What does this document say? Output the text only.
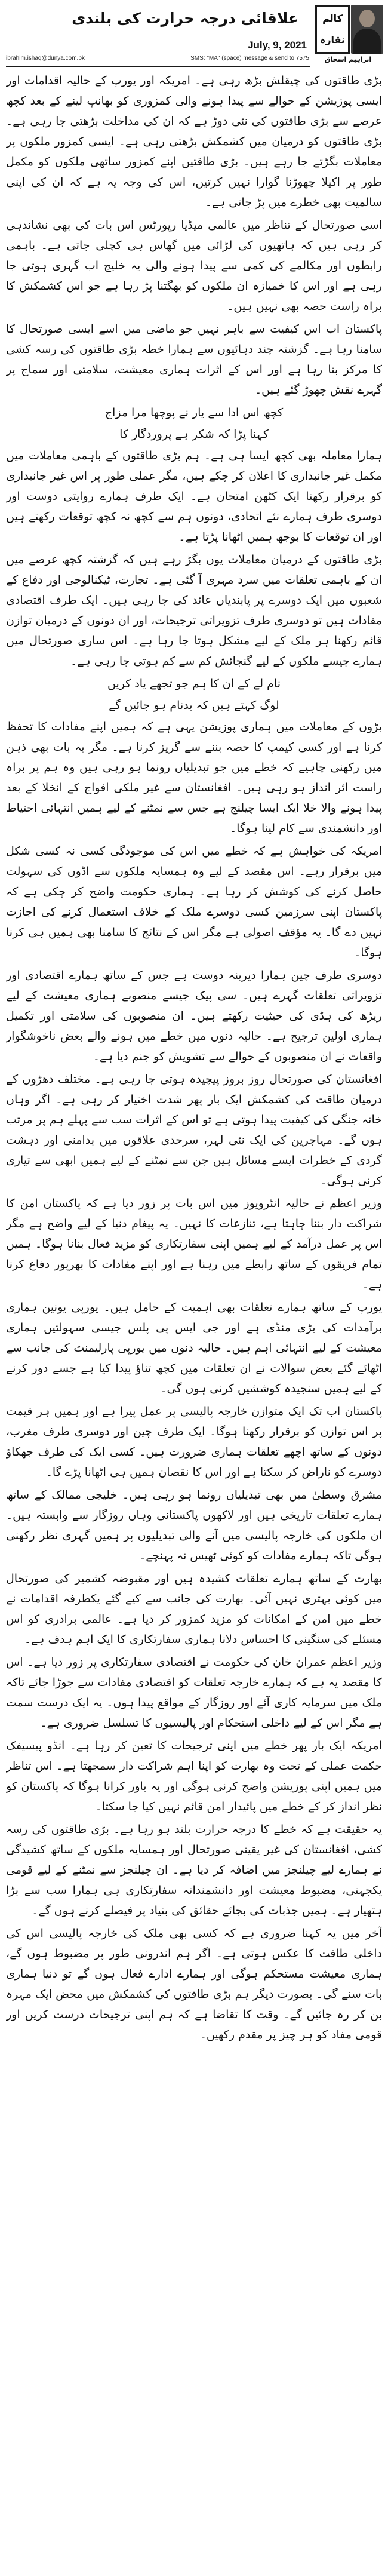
علاقائی درجہ حرارت کی بلندی	کالم
نقارہ
ابراہیم اسحاق
July, 9, 2021
SMS: "MA" (space) message & send to 7575
ibrahim.ishaq@dunya.com.pk

بڑی طاقتوں کی چیقلش بڑھ رہی ہے۔ امریکہ اور یورپ کے حالیہ اقدامات اور ایسی پوزیشن کے حوالے سے پیدا ہونے والی کمزوری کو بھانپ لینے کے بعد کچھ عرصے سے بڑی طاقتوں کی نئی دوڑ ہے کہ ان کی مداخلت بڑھتی جا رہی ہے۔ بڑی طاقتوں کو درمیان میں کشمکش بڑھتی رہی ہے۔ ایسی کمزور ملکوں پر معاملات بگڑتے جا رہے ہیں۔ بڑی طاقتیں اپنے کمزور ساتھی ملکوں کو مکمل طور پر اکیلا چھوڑنا گوارا نہیں کرتیں، اس کی وجہ یہ ہے کہ ان کی اپنی سالمیت بھی خطرے میں پڑ جاتی ہے۔

اسی صورتحال کے تناظر میں عالمی میڈیا رپورٹس اس بات کی بھی نشاندہی کر رہی ہیں کہ ہاتھیوں کی لڑائی میں گھاس ہی کچلی جاتی ہے۔ باہمی رابطوں اور مکالمے کی کمی سے پیدا ہونے والی یہ خلیج اب گہری ہوتی جا رہی ہے اور اس کا خمیازہ ان ملکوں کو بھگتنا پڑ رہا ہے جو اس کشمکش کا براہ راست حصہ بھی نہیں ہیں۔

پاکستان اب اس کیفیت سے باہر نہیں جو ماضی میں اسے ایسی صورتحال کا سامنا رہا ہے۔ گزشتہ چند دہائیوں سے ہمارا خطہ بڑی طاقتوں کی رسہ کشی کا مرکز بنا رہا ہے اور اس کے اثرات ہماری معیشت، سلامتی اور سماج پر گہرے نقش چھوڑ گئے ہیں۔

کچھ اس ادا سے یار نے پوچھا مرا مزاج

کہنا پڑا کہ شکر ہے پروردگار کا

ہمارا معاملہ بھی کچھ ایسا ہی ہے۔ ہم بڑی طاقتوں کے باہمی معاملات میں مکمل غیر جانبداری کا اعلان کر چکے ہیں، مگر عملی طور پر اس غیر جانبداری کو برقرار رکھنا ایک کٹھن امتحان ہے۔ ایک طرف ہمارے روایتی دوست اور دوسری طرف ہمارے نئے اتحادی، دونوں ہم سے کچھ نہ کچھ توقعات رکھتے ہیں اور ان توقعات کا بوجھ ہمیں اٹھانا پڑتا ہے۔

بڑی طاقتوں کے درمیان معاملات یوں بگڑ رہے ہیں کہ گزشتہ کچھ عرصے میں ان کے باہمی تعلقات میں سرد مہری آ گئی ہے۔ تجارت، ٹیکنالوجی اور دفاع کے شعبوں میں ایک دوسرے پر پابندیاں عائد کی جا رہی ہیں۔ ایک طرف اقتصادی مفادات ہیں تو دوسری طرف تزویراتی ترجیحات، اور ان دونوں کے درمیان توازن قائم رکھنا ہر ملک کے لیے مشکل ہوتا جا رہا ہے۔ اس ساری صورتحال میں ہمارے جیسے ملکوں کے لیے گنجائش کم سے کم ہوتی جا رہی ہے۔

نام لے کے ان کا ہم جو تجھے یاد کریں

لوگ کہتے ہیں کہ بدنام ہو جائیں گے

بڑوں کے معاملات میں ہماری پوزیشن یہی ہے کہ ہمیں اپنے مفادات کا تحفظ کرنا ہے اور کسی کیمپ کا حصہ بننے سے گریز کرنا ہے۔ مگر یہ بات بھی ذہن میں رکھنی چاہیے کہ خطے میں جو تبدیلیاں رونما ہو رہی ہیں وہ ہم پر براہ راست اثر انداز ہو رہی ہیں۔ افغانستان سے غیر ملکی افواج کے انخلا کے بعد پیدا ہونے والا خلا ایک ایسا چیلنج ہے جس سے نمٹنے کے لیے ہمیں انتہائی احتیاط اور دانشمندی سے کام لینا ہوگا۔

امریکہ کی خواہش ہے کہ خطے میں اس کی موجودگی کسی نہ کسی شکل میں برقرار رہے۔ اس مقصد کے لیے وہ ہمسایہ ملکوں سے اڈوں کی سہولت حاصل کرنے کی کوشش کر رہا ہے۔ ہماری حکومت واضح کر چکی ہے کہ پاکستان اپنی سرزمین کسی دوسرے ملک کے خلاف استعمال کرنے کی اجازت نہیں دے گا۔ یہ مؤقف اصولی ہے مگر اس کے نتائج کا سامنا بھی ہمیں ہی کرنا ہوگا۔

دوسری طرف چین ہمارا دیرینہ دوست ہے جس کے ساتھ ہمارے اقتصادی اور تزویراتی تعلقات گہرے ہیں۔ سی پیک جیسے منصوبے ہماری معیشت کے لیے ریڑھ کی ہڈی کی حیثیت رکھتے ہیں۔ ان منصوبوں کی سلامتی اور تکمیل ہماری اولین ترجیح ہے۔ حالیہ دنوں میں خطے میں ہونے والے بعض ناخوشگوار واقعات نے ان منصوبوں کے حوالے سے تشویش کو جنم دیا ہے۔

افغانستان کی صورتحال روز بروز پیچیدہ ہوتی جا رہی ہے۔ مختلف دھڑوں کے درمیان طاقت کی کشمکش ایک بار پھر شدت اختیار کر رہی ہے۔ اگر وہاں خانہ جنگی کی کیفیت پیدا ہوتی ہے تو اس کے اثرات سب سے پہلے ہم پر مرتب ہوں گے۔ مہاجرین کی ایک نئی لہر، سرحدی علاقوں میں بدامنی اور دہشت گردی کے خطرات ایسے مسائل ہیں جن سے نمٹنے کے لیے ہمیں ابھی سے تیاری کرنی ہوگی۔

وزیر اعظم نے حالیہ انٹرویوز میں اس بات پر زور دیا ہے کہ پاکستان امن کا شراکت دار بننا چاہتا ہے، تنازعات کا نہیں۔ یہ پیغام دنیا کے لیے واضح ہے مگر اس پر عمل درآمد کے لیے ہمیں اپنی سفارتکاری کو مزید فعال بنانا ہوگا۔ ہمیں تمام فریقوں کے ساتھ رابطے میں رہنا ہے اور اپنے مفادات کا بھرپور دفاع کرنا ہے۔

یورپ کے ساتھ ہمارے تعلقات بھی اہمیت کے حامل ہیں۔ یورپی یونین ہماری برآمدات کی بڑی منڈی ہے اور جی ایس پی پلس جیسی سہولتیں ہماری معیشت کے لیے انتہائی اہم ہیں۔ حالیہ دنوں میں یورپی پارلیمنٹ کی جانب سے اٹھائے گئے بعض سوالات نے ان تعلقات میں کچھ تناؤ پیدا کیا ہے جسے دور کرنے کے لیے ہمیں سنجیدہ کوششیں کرنی ہوں گی۔

پاکستان اب تک ایک متوازن خارجہ پالیسی پر عمل پیرا ہے اور ہمیں ہر قیمت پر اس توازن کو برقرار رکھنا ہوگا۔ ایک طرف چین اور دوسری طرف مغرب، دونوں کے ساتھ اچھے تعلقات ہماری ضرورت ہیں۔ کسی ایک کی طرف جھکاؤ دوسرے کو ناراض کر سکتا ہے اور اس کا نقصان ہمیں ہی اٹھانا پڑے گا۔

مشرق وسطیٰ میں بھی تبدیلیاں رونما ہو رہی ہیں۔ خلیجی ممالک کے ساتھ ہمارے تعلقات تاریخی ہیں اور لاکھوں پاکستانی وہاں روزگار سے وابستہ ہیں۔ ان ملکوں کی خارجہ پالیسی میں آنے والی تبدیلیوں پر ہمیں گہری نظر رکھنی ہوگی تاکہ ہمارے مفادات کو کوئی ٹھیس نہ پہنچے۔

بھارت کے ساتھ ہمارے تعلقات کشیدہ ہیں اور مقبوضہ کشمیر کی صورتحال میں کوئی بہتری نہیں آئی۔ بھارت کی جانب سے کیے گئے یکطرفہ اقدامات نے خطے میں امن کے امکانات کو مزید کمزور کر دیا ہے۔ عالمی برادری کو اس مسئلے کی سنگینی کا احساس دلانا ہماری سفارتکاری کا ایک اہم ہدف ہے۔

وزیر اعظم عمران خان کی حکومت نے اقتصادی سفارتکاری پر زور دیا ہے۔ اس کا مقصد یہ ہے کہ ہمارے خارجہ تعلقات کو اقتصادی مفادات سے جوڑا جائے تاکہ ملک میں سرمایہ کاری آئے اور روزگار کے مواقع پیدا ہوں۔ یہ ایک درست سمت ہے مگر اس کے لیے داخلی استحکام اور پالیسیوں کا تسلسل ضروری ہے۔

امریکہ ایک بار پھر خطے میں اپنی ترجیحات کا تعین کر رہا ہے۔ انڈو پیسیفک حکمت عملی کے تحت وہ بھارت کو اپنا اہم شراکت دار سمجھتا ہے۔ اس تناظر میں ہمیں اپنی پوزیشن واضح کرنی ہوگی اور یہ باور کرانا ہوگا کہ پاکستان کو نظر انداز کر کے خطے میں پائیدار امن قائم نہیں کیا جا سکتا۔

یہ حقیقت ہے کہ خطے کا درجہ حرارت بلند ہو رہا ہے۔ بڑی طاقتوں کی رسہ کشی، افغانستان کی غیر یقینی صورتحال اور ہمسایہ ملکوں کے ساتھ کشیدگی نے ہمارے لیے چیلنجز میں اضافہ کر دیا ہے۔ ان چیلنجز سے نمٹنے کے لیے قومی یکجہتی، مضبوط معیشت اور دانشمندانہ سفارتکاری ہی ہمارا سب سے بڑا ہتھیار ہے۔ ہمیں جذبات کی بجائے حقائق کی بنیاد پر فیصلے کرنے ہوں گے۔

آخر میں یہ کہنا ضروری ہے کہ کسی بھی ملک کی خارجہ پالیسی اس کی داخلی طاقت کا عکس ہوتی ہے۔ اگر ہم اندرونی طور پر مضبوط ہوں گے، ہماری معیشت مستحکم ہوگی اور ہمارے ادارے فعال ہوں گے تو دنیا ہماری بات سنے گی۔ بصورت دیگر ہم بڑی طاقتوں کی کشمکش میں محض ایک مہرہ بن کر رہ جائیں گے۔ وقت کا تقاضا ہے کہ ہم اپنی ترجیحات درست کریں اور قومی مفاد کو ہر چیز پر مقدم رکھیں۔
